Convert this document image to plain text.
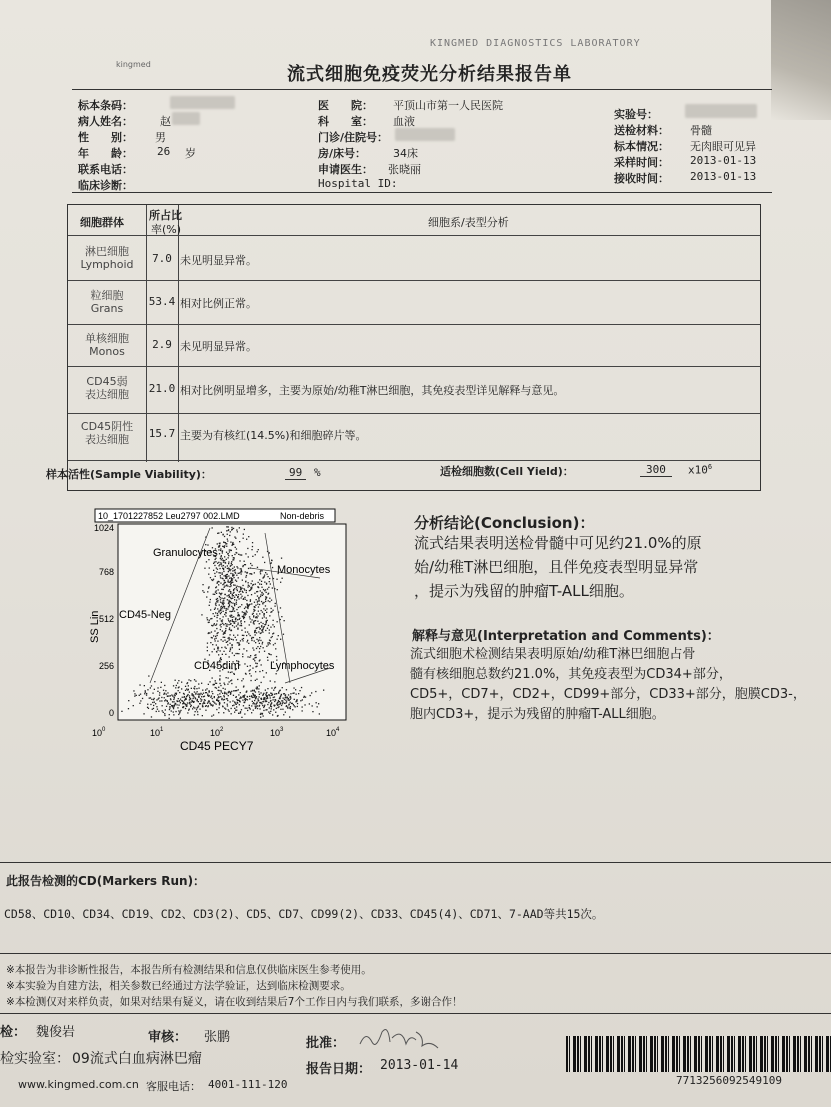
KINGMED DIAGNOSTICS LABORATORY
kingmed	流式细胞免疫荧光分析结果报告单
标本条码：
病人姓名： 赵
性　　别： 男
年　　龄： 26 岁
联系电话：
临床诊断：
医　　院： 平顶山市第一人民医院
科　　室： 血液
门诊/住院号：
房/床号： 34床
申请医生： 张晓丽
Hospital ID:
实验号：
送检材料： 骨髓
标本情况： 无肉眼可见异
采样时间： 2013-01-13
接收时间： 2013-01-13
细胞群体
所占比
率(%)
细胞系/表型分析
淋巴细胞
Lymphoid	7.0 未见明显异常。
粒细胞
Grans
53.4 相对比例正常。
单核细胞
Monos
2.9 未见明显异常。
CD45弱
表达细胞	21.0 相对比例明显增多，主要为原始/幼稚T淋巴细胞，其免疫表型详见解释与意见。
CD45阴性
表达细胞	15.7 主要为有核红(14.5%)和细胞碎片等。
样本活性(Sample Viability)：	99	%	适检细胞数(Cell Yield)：	300	$x10^6$
10_1701227852 Leu2797 002.LMD	Non-debris
Granulocytes
Monocytes
CD45-Neg
CD45dim	Lymphocytes
1024
768
512
256
0
$10^0$	$10^1$	$10^2$	$10^3$	$10^4$
CD45 PECY7
SS Lin
分析结论(Conclusion)：
流式结果表明送检骨髓中可见约21.0%的原
始/幼稚T淋巴细胞，且伴免疫表型明显异常
，提示为残留的肿瘤T-ALL细胞。
解释与意见(Interpretation and Comments)：
流式细胞术检测结果表明原始/幼稚T淋巴细胞占骨
髓有核细胞总数约21.0%，其免疫表型为CD34+部分，
CD5+，CD7+，CD2+，CD99+部分，CD33+部分，胞膜CD3-，
胞内CD3+，提示为残留的肿瘤T-ALL细胞。
此报告检测的CD(Markers Run)：
CD58、CD10、CD34、CD19、CD2、CD3(2)、CD5、CD7、CD99(2)、CD33、CD45(4)、CD71、7-AAD等共15次。
※本报告为非诊断性报告，本报告所有检测结果和信息仅供临床医生参考使用。
※本实验为自建方法，相关参数已经通过方法学验证，达到临床检测要求。
※本检测仅对来样负责，如果对结果有疑义，请在收到结果后7个工作日内与我们联系，多谢合作！
检： 魏俊岩	审核： 张鹏	批准：
检实验室： 09流式白血病淋巴瘤
报告日期： 2013-01-14
www.kingmed.com.cn 客服电话： 4001-111-120	7713256092549109
